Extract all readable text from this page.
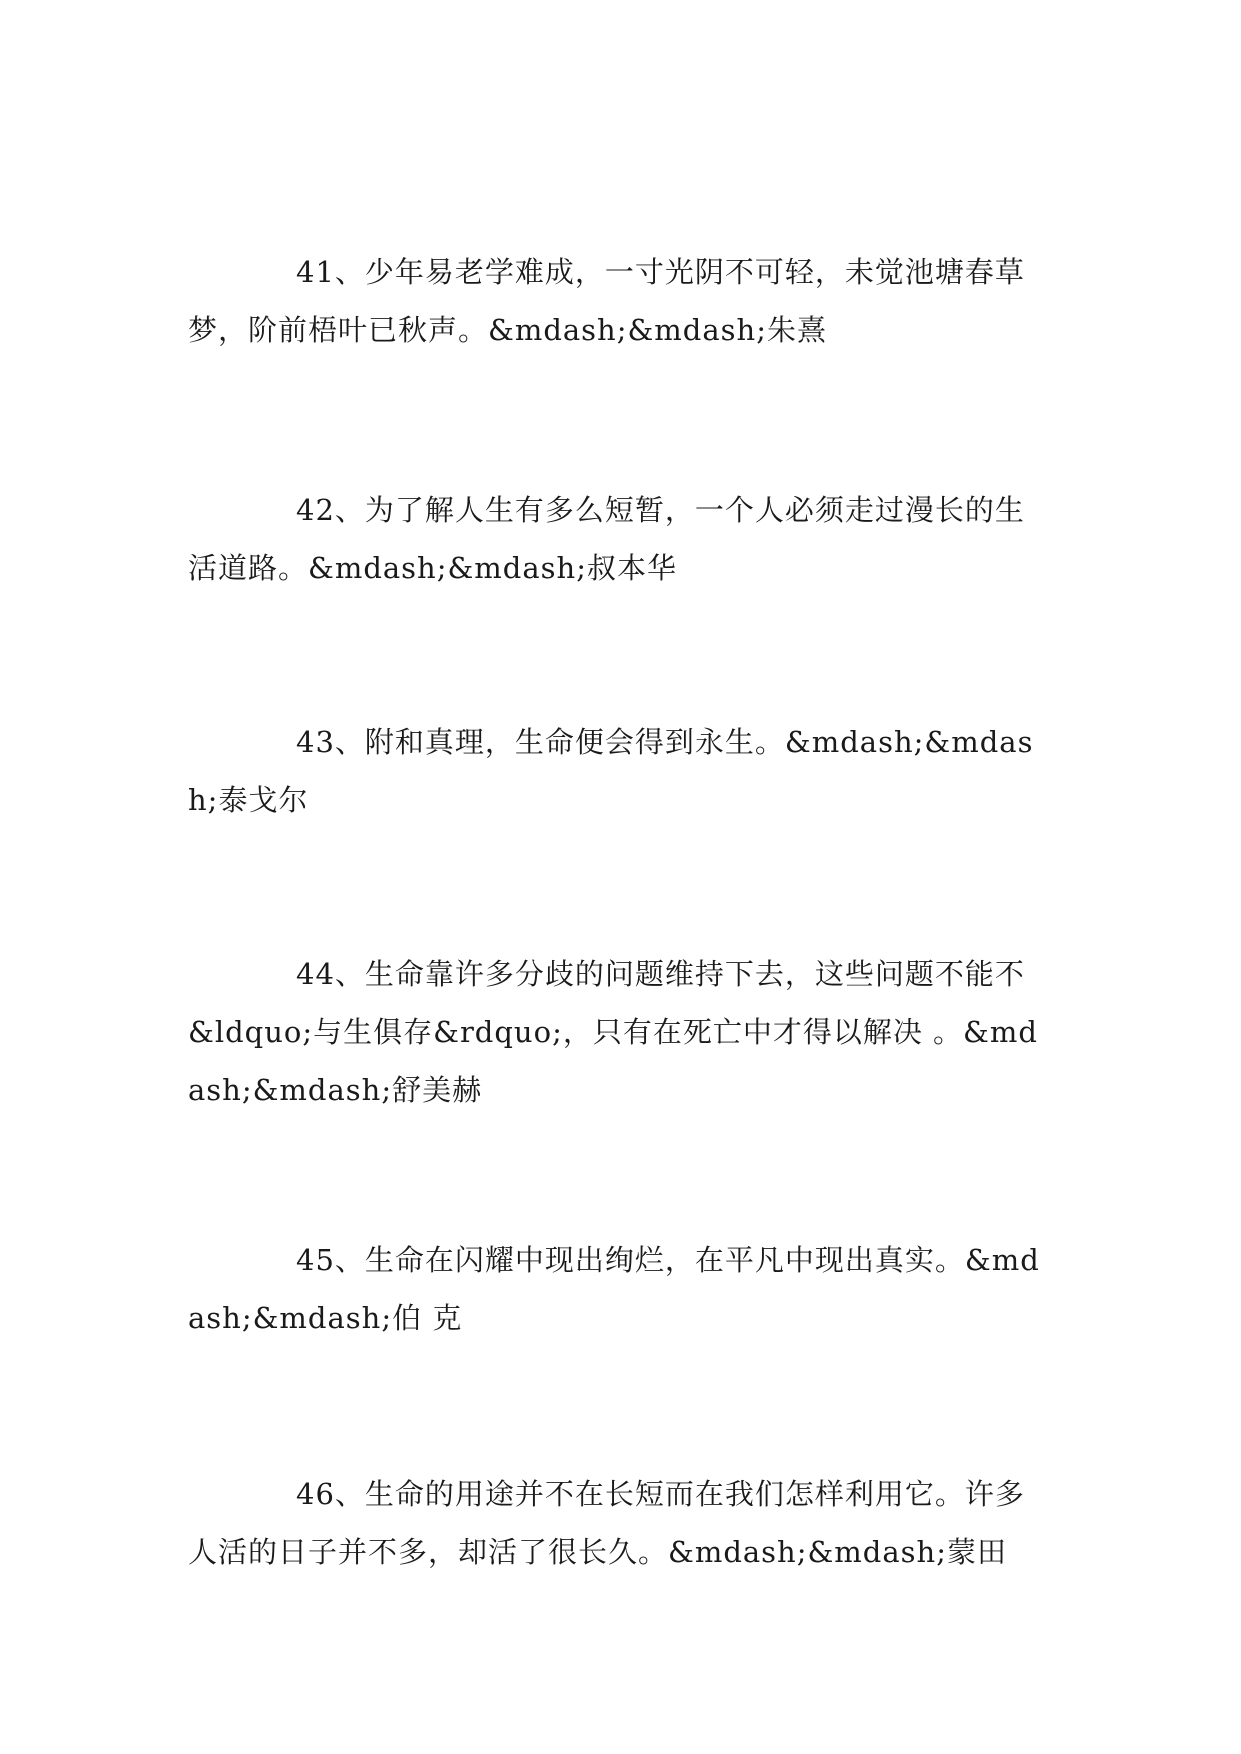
41、少年易老学难成，一寸光阴不可轻，未觉池塘春草梦，阶前梧叶已秋声。&mdash;&mdash;朱熹

42、为了解人生有多么短暂，一个人必须走过漫长的生活道路。&mdash;&mdash;叔本华

43、附和真理，生命便会得到永生。&mdash;&mdash;泰戈尔

44、生命靠许多分歧的问题维持下去，这些问题不能不&ldquo;与生俱存&rdquo;，只有在死亡中才得以解决 。&mdash;&mdash;舒美赫

45、生命在闪耀中现出绚烂，在平凡中现出真实。&mdash;&mdash;伯 克

46、生命的用途并不在长短而在我们怎样利用它。许多人活的日子并不多，却活了很长久。&mdash;&mdash;蒙田
